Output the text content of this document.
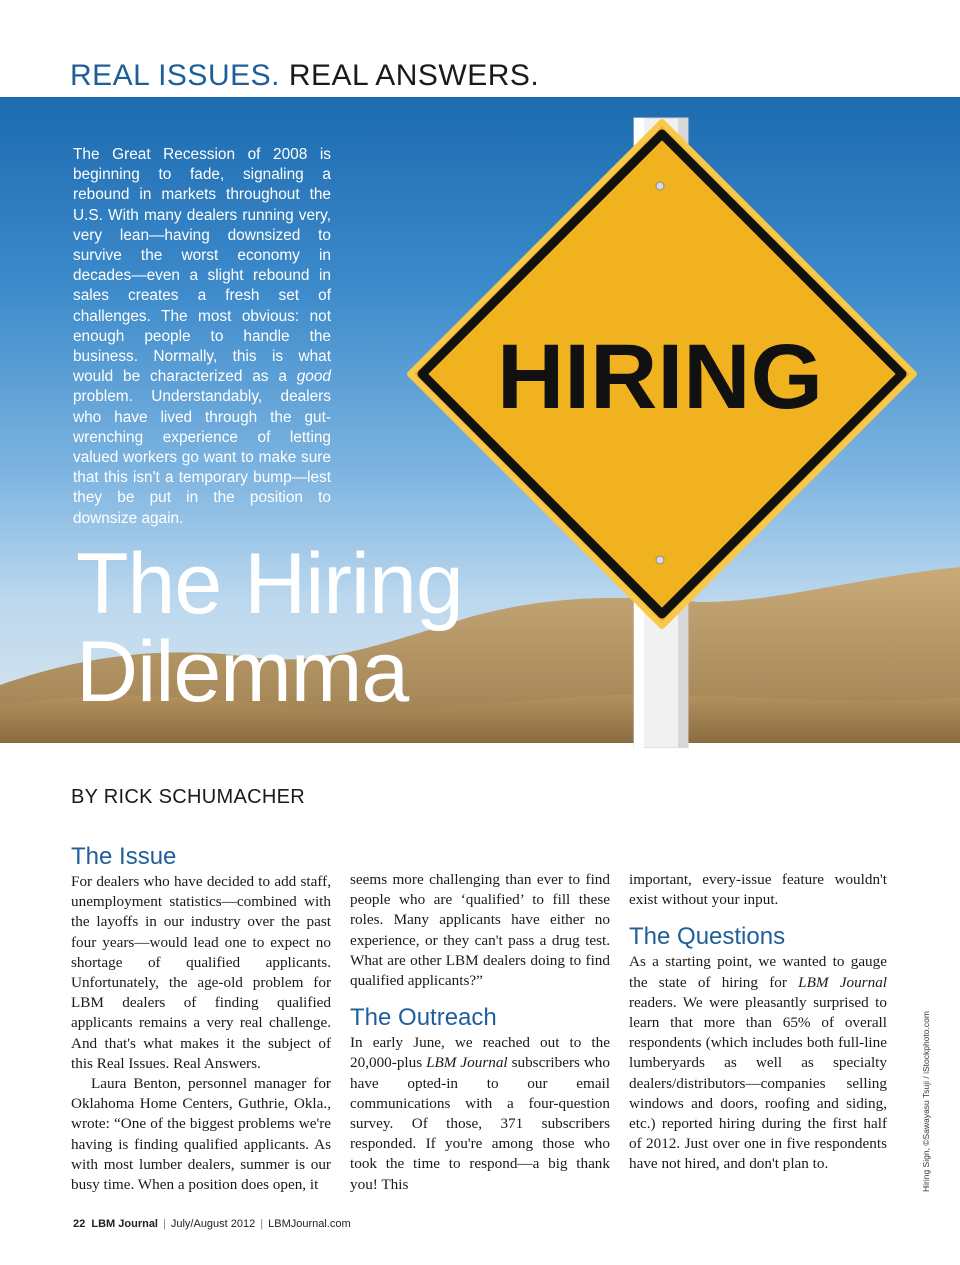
REAL ISSUES. REAL ANSWERS.
HIRING
The Great Recession of 2008 is beginning to fade, signaling a rebound in markets throughout the U.S. With many dealers running very, very lean—having downsized to survive the worst economy in decades—even a slight rebound in sales creates a fresh set of challenges. The most obvious: not enough people to handle the business. Normally, this is what would be characterized as a good problem. Understandably, dealers who have lived through the gut-wrenching experience of letting valued workers go want to make sure that this isn't a temporary bump—lest they be put in the position to downsize again.
The Hiring
Dilemma
BY RICK SCHUMACHER
The Issue

For dealers who have decided to add staff, unemployment statistics—combined with the layoffs in our industry over the past four years—would lead one to expect no shortage of qualified applicants. Unfortunately, the age-old problem for LBM dealers of finding qualified applicants remains a very real challenge. And that's what makes it the subject of this Real Issues. Real Answers.

Laura Benton, personnel manager for Oklahoma Home Centers, Guthrie, Okla., wrote: “One of the biggest problems we're having is finding qualified applicants. As with most lumber dealers, summer is our busy time. When a position does open, it

seems more challenging than ever to find people who are ‘qualified’ to fill these roles. Many applicants have either no experience, or they can't pass a drug test. What are other LBM dealers doing to find qualified applicants?”

The Outreach

In early June, we reached out to the 20,000-plus LBM Journal subscribers who have opted-in to our email communications with a four-question survey. Of those, 371 subscribers responded. If you're among those who took the time to respond—a big thank you! This

important, every-issue feature wouldn't exist without your input.

The Questions

As a starting point, we wanted to gauge the state of hiring for LBM Journal readers. We were pleasantly surprised to learn that more than 65% of overall respondents (which includes both full-line lumberyards as well as specialty dealers/distributors—companies selling windows and doors, roofing and siding, etc.) reported hiring during the first half of 2012. Just over one in five respondents have not hired, and don't plan to.	Hiring Sign, ©Sawayasu Tsuji / iStockphoto.com
22 LBM Journal | July/August 2012 | LBMJournal.com
